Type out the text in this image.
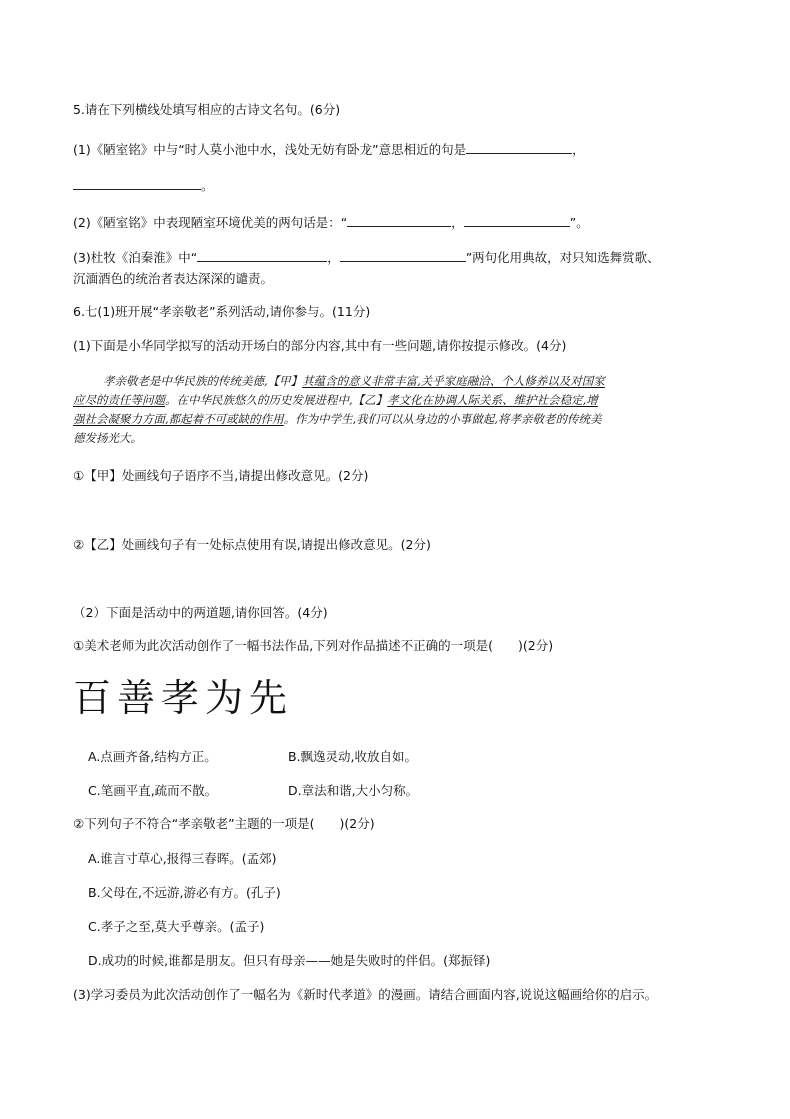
5.请在下列横线处填写相应的古诗文名句。(6分)
(1)《陋室铭》中与“时人莫小池中水，浅处无妨有卧龙”意思相近的句是	，
。
(2)《陋室铭》中表现陋室环境优美的两句话是：“	，	”。
(3)杜牧《泊秦淮》中“	，	”两句化用典故，对只知选舞赏歌、
沉湎酒色的统治者表达深深的谴责。
6.七(1)班开展“孝亲敬老”系列活动,请你参与。(11分)
(1)下面是小华同学拟写的活动开场白的部分内容,其中有一些问题,请你按提示修改。(4分)
孝亲敬老是中华民族的传统美德,【甲】其蕴含的意义非常丰富,关乎家庭融洽、个人修养以及对国家
应尽的责任等问题。在中华民族悠久的历史发展进程中,【乙】孝文化在协调人际关系、维护社会稳定,增
强社会凝聚力方面,都起着不可或缺的作用。作为中学生,我们可以从身边的小事做起,将孝亲敬老的传统美
德发扬光大。
①【甲】处画线句子语序不当,请提出修改意见。(2分)
②【乙】处画线句子有一处标点使用有误,请提出修改意见。(2分)
（2）下面是活动中的两道题,请你回答。(4分)
①美术老师为此次活动创作了一幅书法作品,下列对作品描述不正确的一项是(　　)(2分)
百善孝为先
A.点画齐备,结构方正。	B.飘逸灵动,收放自如。
C.笔画平直,疏而不散。	D.章法和谐,大小匀称。
②下列句子不符合“孝亲敬老”主题的一项是(　　)(2分)
A.谁言寸草心,报得三春晖。(孟郊)
B.父母在,不远游,游必有方。(孔子)
C.孝子之至,莫大乎尊亲。(孟子)
D.成功的时候,谁都是朋友。但只有母亲——她是失败时的伴侣。(郑振铎)
(3)学习委员为此次活动创作了一幅名为《新时代孝道》的漫画。请结合画面内容,说说这幅画给你的启示。
